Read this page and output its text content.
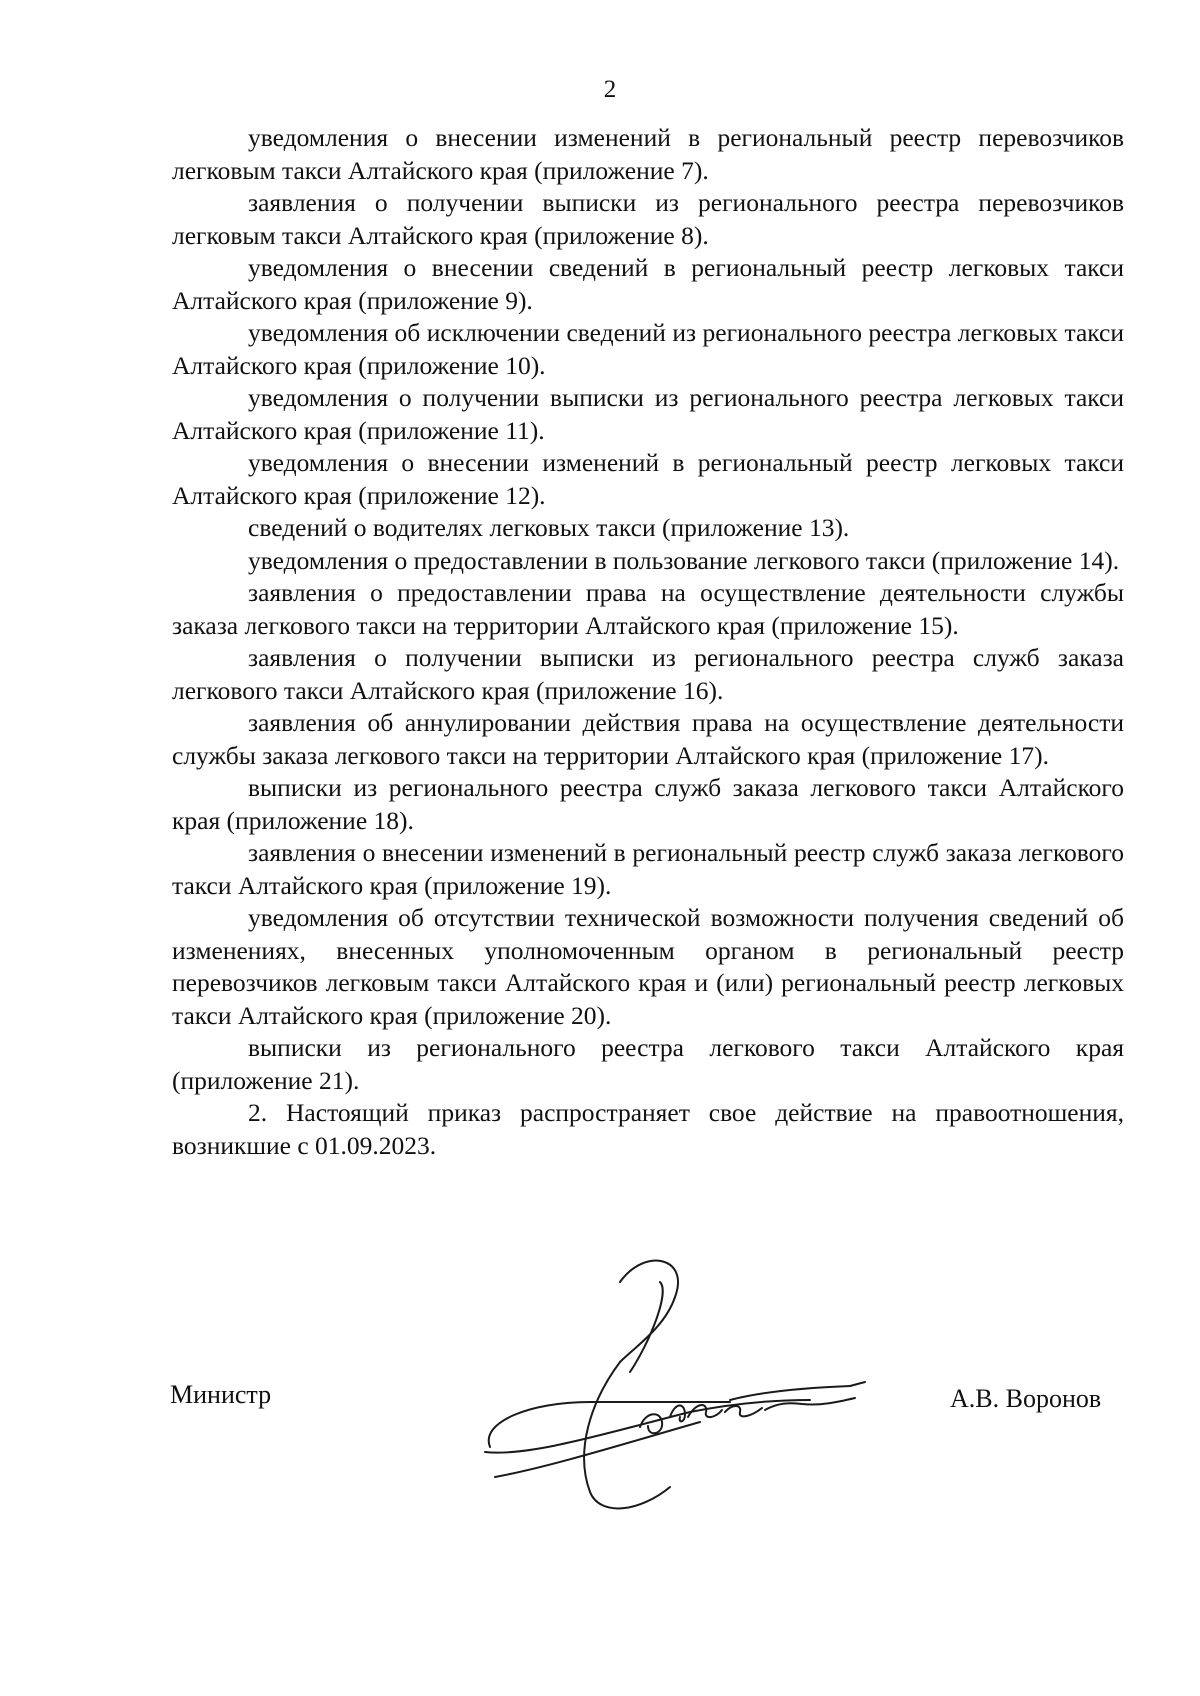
2

уведомления о внесении изменений в региональный реестр перевозчиков легковым такси Алтайского края (приложение 7).

заявления о получении выписки из регионального реестра перевозчиков легковым такси Алтайского края (приложение 8).

уведомления о внесении сведений в региональный реестр легковых такси Алтайского края (приложение 9).

уведомления об исключении сведений из регионального реестра легковых такси Алтайского края (приложение 10).

уведомления о получении выписки из регионального реестра легковых такси Алтайского края (приложение 11).

уведомления о внесении изменений в региональный реестр легковых такси Алтайского края (приложение 12).

сведений о водителях легковых такси (приложение 13).

уведомления о предоставлении в пользование легкового такси (приложение 14).

заявления о предоставлении права на осуществление деятельности службы заказа легкового такси на территории Алтайского края (приложение 15).

заявления о получении выписки из регионального реестра служб заказа легкового такси Алтайского края (приложение 16).

заявления об аннулировании действия права на осуществление деятельности службы заказа легкового такси на территории Алтайского края (приложение 17).

выписки из регионального реестра служб заказа легкового такси Алтайского края (приложение 18).

заявления о внесении изменений в региональный реестр служб заказа легкового такси Алтайского края (приложение 19).

уведомления об отсутствии технической возможности получения сведений об изменениях, внесенных уполномоченным органом в региональный реестр перевозчиков легковым такси Алтайского края и (или) региональный реестр легковых такси Алтайского края (приложение 20).

выписки из регионального реестра легкового такси Алтайского края (приложение 21).

2. Настоящий приказ распространяет свое действие на правоотношения, возникшие с 01.09.2023.

Министр	А.В. Воронов
